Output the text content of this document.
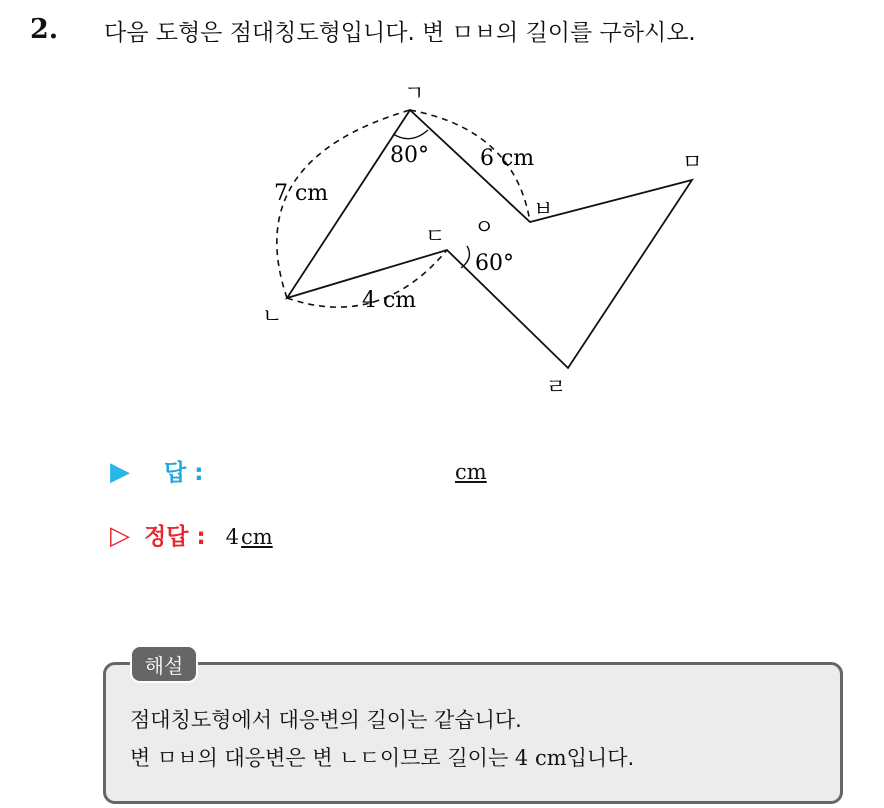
2. 다음 도형은 점대칭도형입니다. 변 ㅁㅂ의 길이를 구하시오.
ㄱ
ㄴ
ㄷ ㅇ
ㅂ
ㅁ
ㄹ
80°
60°
7 cm
6 cm
4 cm
▶ 답 :	cm
▷ 정답 : 4 cm
해설
점대칭도형에서 대응변의 길이는 같습니다.
변 ㅁㅂ의 대응변은 변 ㄴㄷ이므로 길이는 4 cm입니다.
